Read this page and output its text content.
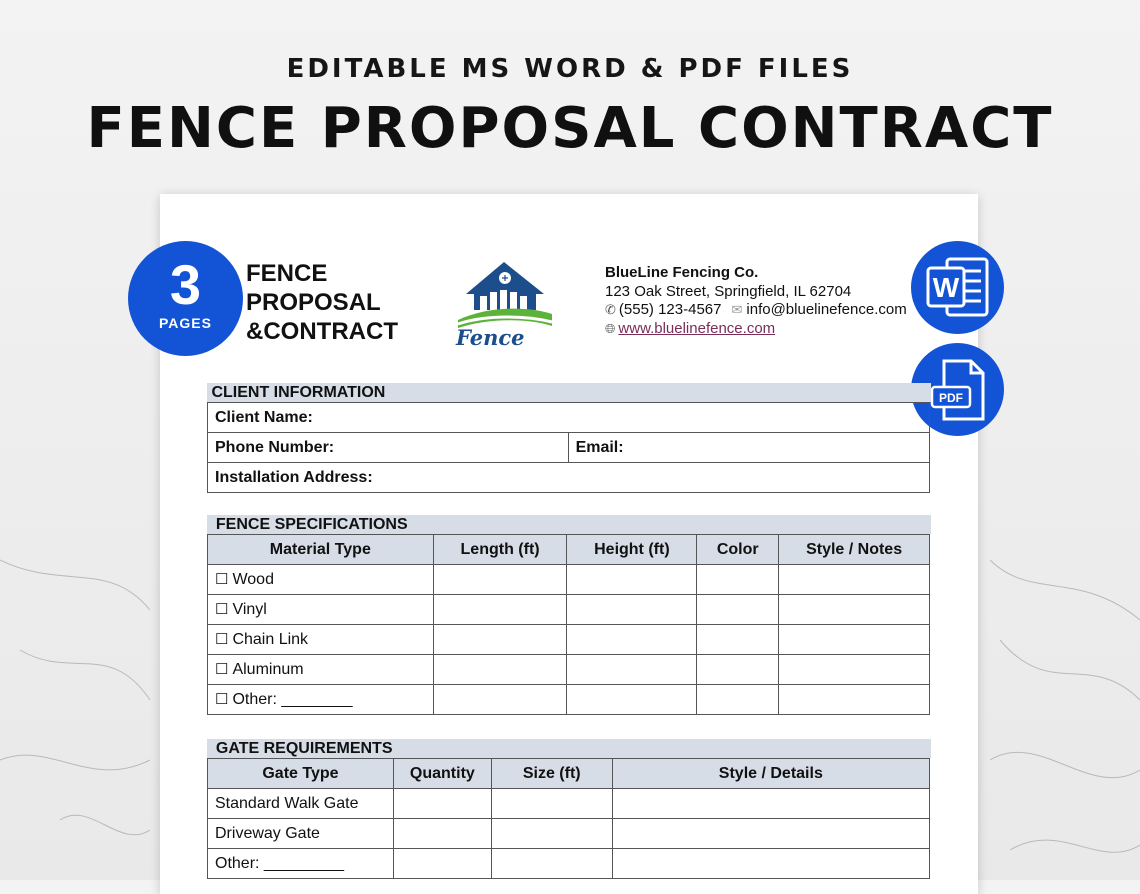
EDITABLE MS WORD & PDF FILES
FENCE PROPOSAL CONTRACT
3
PAGES
FENCE
PROPOSAL
&CONTRACT	Fence
BlueLine Fencing Co.
123 Oak Street, Springfield, IL 62704
✆ (555) 123-4567 ✉ info@bluelinefence.com
🌐︎ www.bluelinefence.com
W
PDF
CLIENT INFORMATION
Client Name:
Phone Number:	Email:
Installation Address:
FENCE SPECIFICATIONS
Material Type	Length (ft)	Height (ft)	Color	Style / Notes
☐ Wood				
☐ Vinyl				
☐ Chain Link				
☐ Aluminum				
☐ Other: ________				
GATE REQUIREMENTS
Gate Type	Quantity	Size (ft)	Style / Details
Standard Walk Gate			
Driveway Gate			
Other: _________			
